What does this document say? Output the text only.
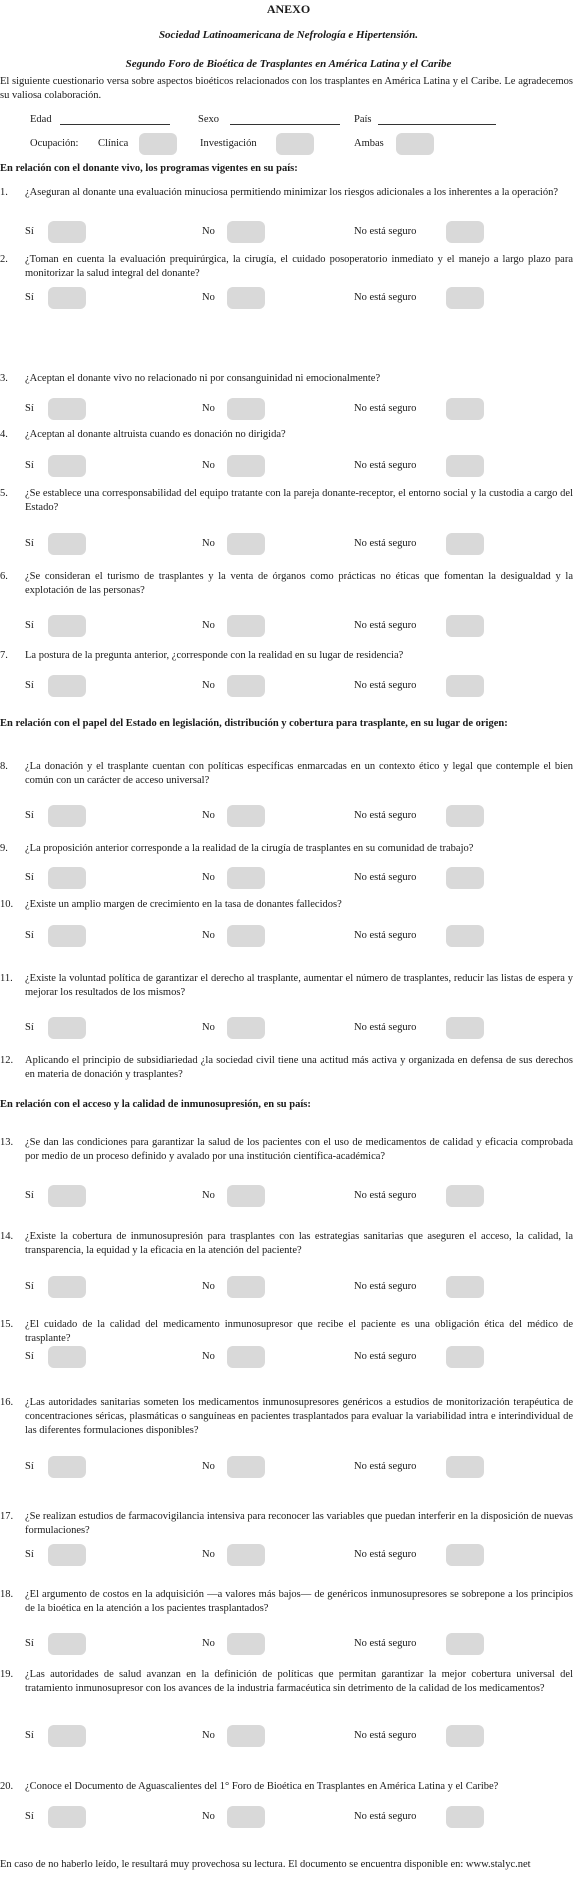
ANEXO
Sociedad Latinoamericana de Nefrología e Hipertensión.
Segundo Foro de Bioética de Trasplantes en América Latina y el Caribe
El siguiente cuestionario versa sobre aspectos bioéticos relacionados con los trasplantes en América Latina y el Caribe. Le agradecemos su valiosa colaboración.
Edad	Sexo	País
Ocupación: Clínica	Investigación	Ambas
En relación con el donante vivo, los programas vigentes en su país:
En relación con el papel del Estado en legislación, distribución y cobertura para trasplante, en su lugar de origen:
En relación con el acceso y la calidad de inmunosupresión, en su país:
1. ¿Aseguran al donante una evaluación minuciosa permitiendo minimizar los riesgos adicionales a los inherentes a la operación?
Sí	No	No está seguro
2. ¿Toman en cuenta la evaluación prequirúrgica, la cirugía, el cuidado posoperatorio inmediato y el manejo a largo plazo para monitorizar la salud integral del donante?
Sí	No	No está seguro
3. ¿Aceptan el donante vivo no relacionado ni por consanguinidad ni emocionalmente?
Sí	No	No está seguro
4. ¿Aceptan al donante altruista cuando es donación no dirigida?
Sí	No	No está seguro
5. ¿Se establece una corresponsabilidad del equipo tratante con la pareja donante-receptor, el entorno social y la custodia a cargo del Estado?
Sí	No	No está seguro
6. ¿Se consideran el turismo de trasplantes y la venta de órganos como prácticas no éticas que fomentan la desigualdad y la explotación de las personas?
Sí	No	No está seguro
7. La postura de la pregunta anterior, ¿corresponde con la realidad en su lugar de residencia?
Sí	No	No está seguro
8. ¿La donación y el trasplante cuentan con políticas específicas enmarcadas en un contexto ético y legal que contemple el bien común con un carácter de acceso universal?
Sí	No	No está seguro
9. ¿La proposición anterior corresponde a la realidad de la cirugía de trasplantes en su comunidad de trabajo?
Sí	No	No está seguro
10. ¿Existe un amplio margen de crecimiento en la tasa de donantes fallecidos?
Sí	No	No está seguro
11. ¿Existe la voluntad política de garantizar el derecho al trasplante, aumentar el número de trasplantes, reducir las listas de espera y mejorar los resultados de los mismos?
Sí	No	No está seguro
12. Aplicando el principio de subsidiariedad ¿la sociedad civil tiene una actitud más activa y organizada en defensa de sus derechos en materia de donación y trasplantes?
13. ¿Se dan las condiciones para garantizar la salud de los pacientes con el uso de medicamentos de calidad y eficacia comprobada por medio de un proceso definido y avalado por una institución científica-académica?
Sí	No	No está seguro
14. ¿Existe la cobertura de inmunosupresión para trasplantes con las estrategias sanitarias que aseguren el acceso, la calidad, la transparencia, la equidad y la eficacia en la atención del paciente?
Sí	No	No está seguro
15. ¿El cuidado de la calidad del medicamento inmunosupresor que recibe el paciente es una obligación ética del médico de trasplante?
Sí	No	No está seguro
16. ¿Las autoridades sanitarias someten los medicamentos inmunosupresores genéricos a estudios de monitorización terapéutica de concentraciones séricas, plasmáticas o sanguíneas en pacientes trasplantados para evaluar la variabilidad intra e interindividual de las diferentes formulaciones disponibles?
Sí	No	No está seguro
17. ¿Se realizan estudios de farmacovigilancia intensiva para reconocer las variables que puedan interferir en la disposición de nuevas formulaciones?
Sí	No	No está seguro
18. ¿El argumento de costos en la adquisición —a valores más bajos— de genéricos inmunosupresores se sobrepone a los principios de la bioética en la atención a los pacientes trasplantados?
Sí	No	No está seguro
19. ¿Las autoridades de salud avanzan en la definición de políticas que permitan garantizar la mejor cobertura universal del tratamiento inmunosupresor con los avances de la industria farmacéutica sin detrimento de la calidad de los medicamentos?
Sí	No	No está seguro
20. ¿Conoce el Documento de Aguascalientes del 1° Foro de Bioética en Trasplantes en América Latina y el Caribe?
Sí	No	No está seguro
En caso de no haberlo leído, le resultará muy provechosa su lectura. El documento se encuentra disponible en: www.stalyc.net
